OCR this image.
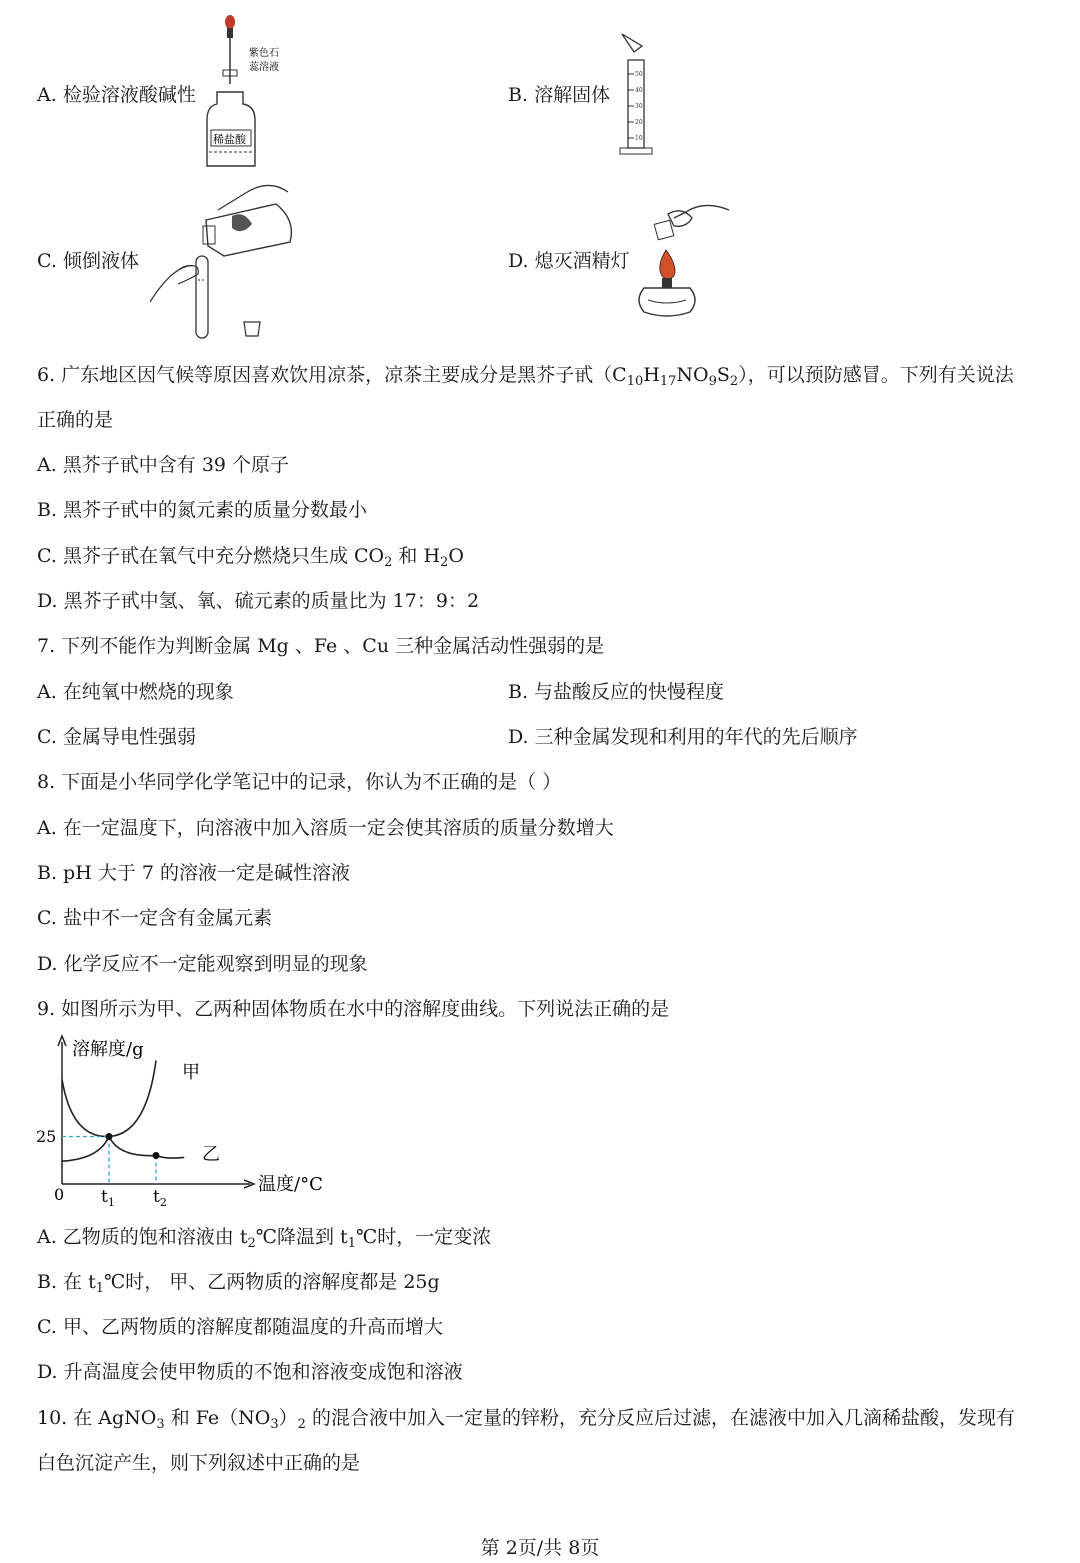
A. 检验溶液酸碱性
稀盐酸
紫色石
蕊溶液
B. 溶解固体
50
40
30
20
10
C. 倾倒液体	D. 熄灭酒精灯
6. 广东地区因气候等原因喜欢饮用凉茶，凉茶主要成分是黑芥子甙$(C_{10}H_{17}NO_9S_2)$，可以预防感冒。下列有关说法
正确的是
A. 黑芥子甙中含有 39 个原子
B. 黑芥子甙中的氮元素的质量分数最小
C. 黑芥子甙在氧气中充分燃烧只生成 $CO_2$ 和 $H_2O$
D. 黑芥子甙中氢、氧、硫元素的质量比为 17：9：2
7. 下列不能作为判断金属 Mg 、Fe 、Cu 三种金属活动性强弱的是
A. 在纯氧中燃烧的现象	B. 与盐酸反应的快慢程度
C. 金属导电性强弱	D. 三种金属发现和利用的年代的先后顺序
8. 下面是小华同学化学笔记中的记录，你认为不正确的是（ ）
A. 在一定温度下，向溶液中加入溶质一定会使其溶质的质量分数增大
B. pH 大于 7 的溶液一定是碱性溶液
C. 盐中不一定含有金属元素
D. 化学反应不一定能观察到明显的现象
9. 如图所示为甲、乙两种固体物质在水中的溶解度曲线。下列说法正确的是
溶解度/g
温度/°C
0
25
$t_1$ $t_2$
甲
乙
A. 乙物质的饱和溶液由 $t_2℃$降温到 $t_1℃$时，一定变浓
B. 在 $t_1℃$时， 甲、乙两物质的溶解度都是 25g
C. 甲、乙两物质的溶解度都随温度的升高而增大
D. 升高温度会使甲物质的不饱和溶液变成饱和溶液
10. 在 AgNO$_3$ 和 $Fe(NO_3)_2$ 的混合液中加入一定量的锌粉，充分反应后过滤，在滤液中加入几滴稀盐酸，发现有
白色沉淀产生，则下列叙述中正确的是
第 2页/共 8页
